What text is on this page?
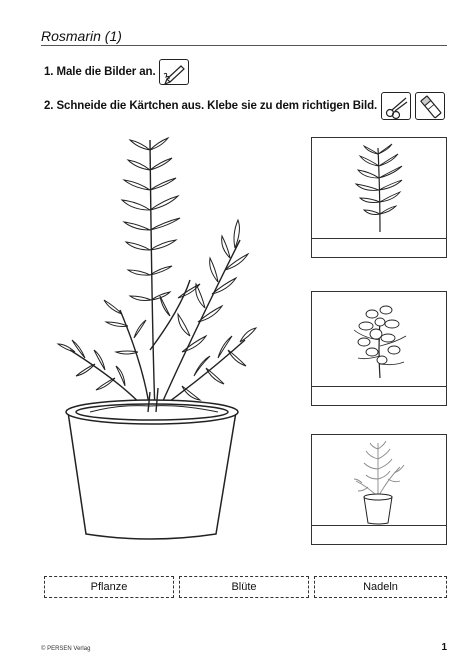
Rosmarin (1)
1. Male die Bilder an.
2. Schneide die Kärtchen aus. Klebe sie zu dem richtigen Bild.
Pflanze	Blüte	Nadeln
© PERSEN Verlag	1
